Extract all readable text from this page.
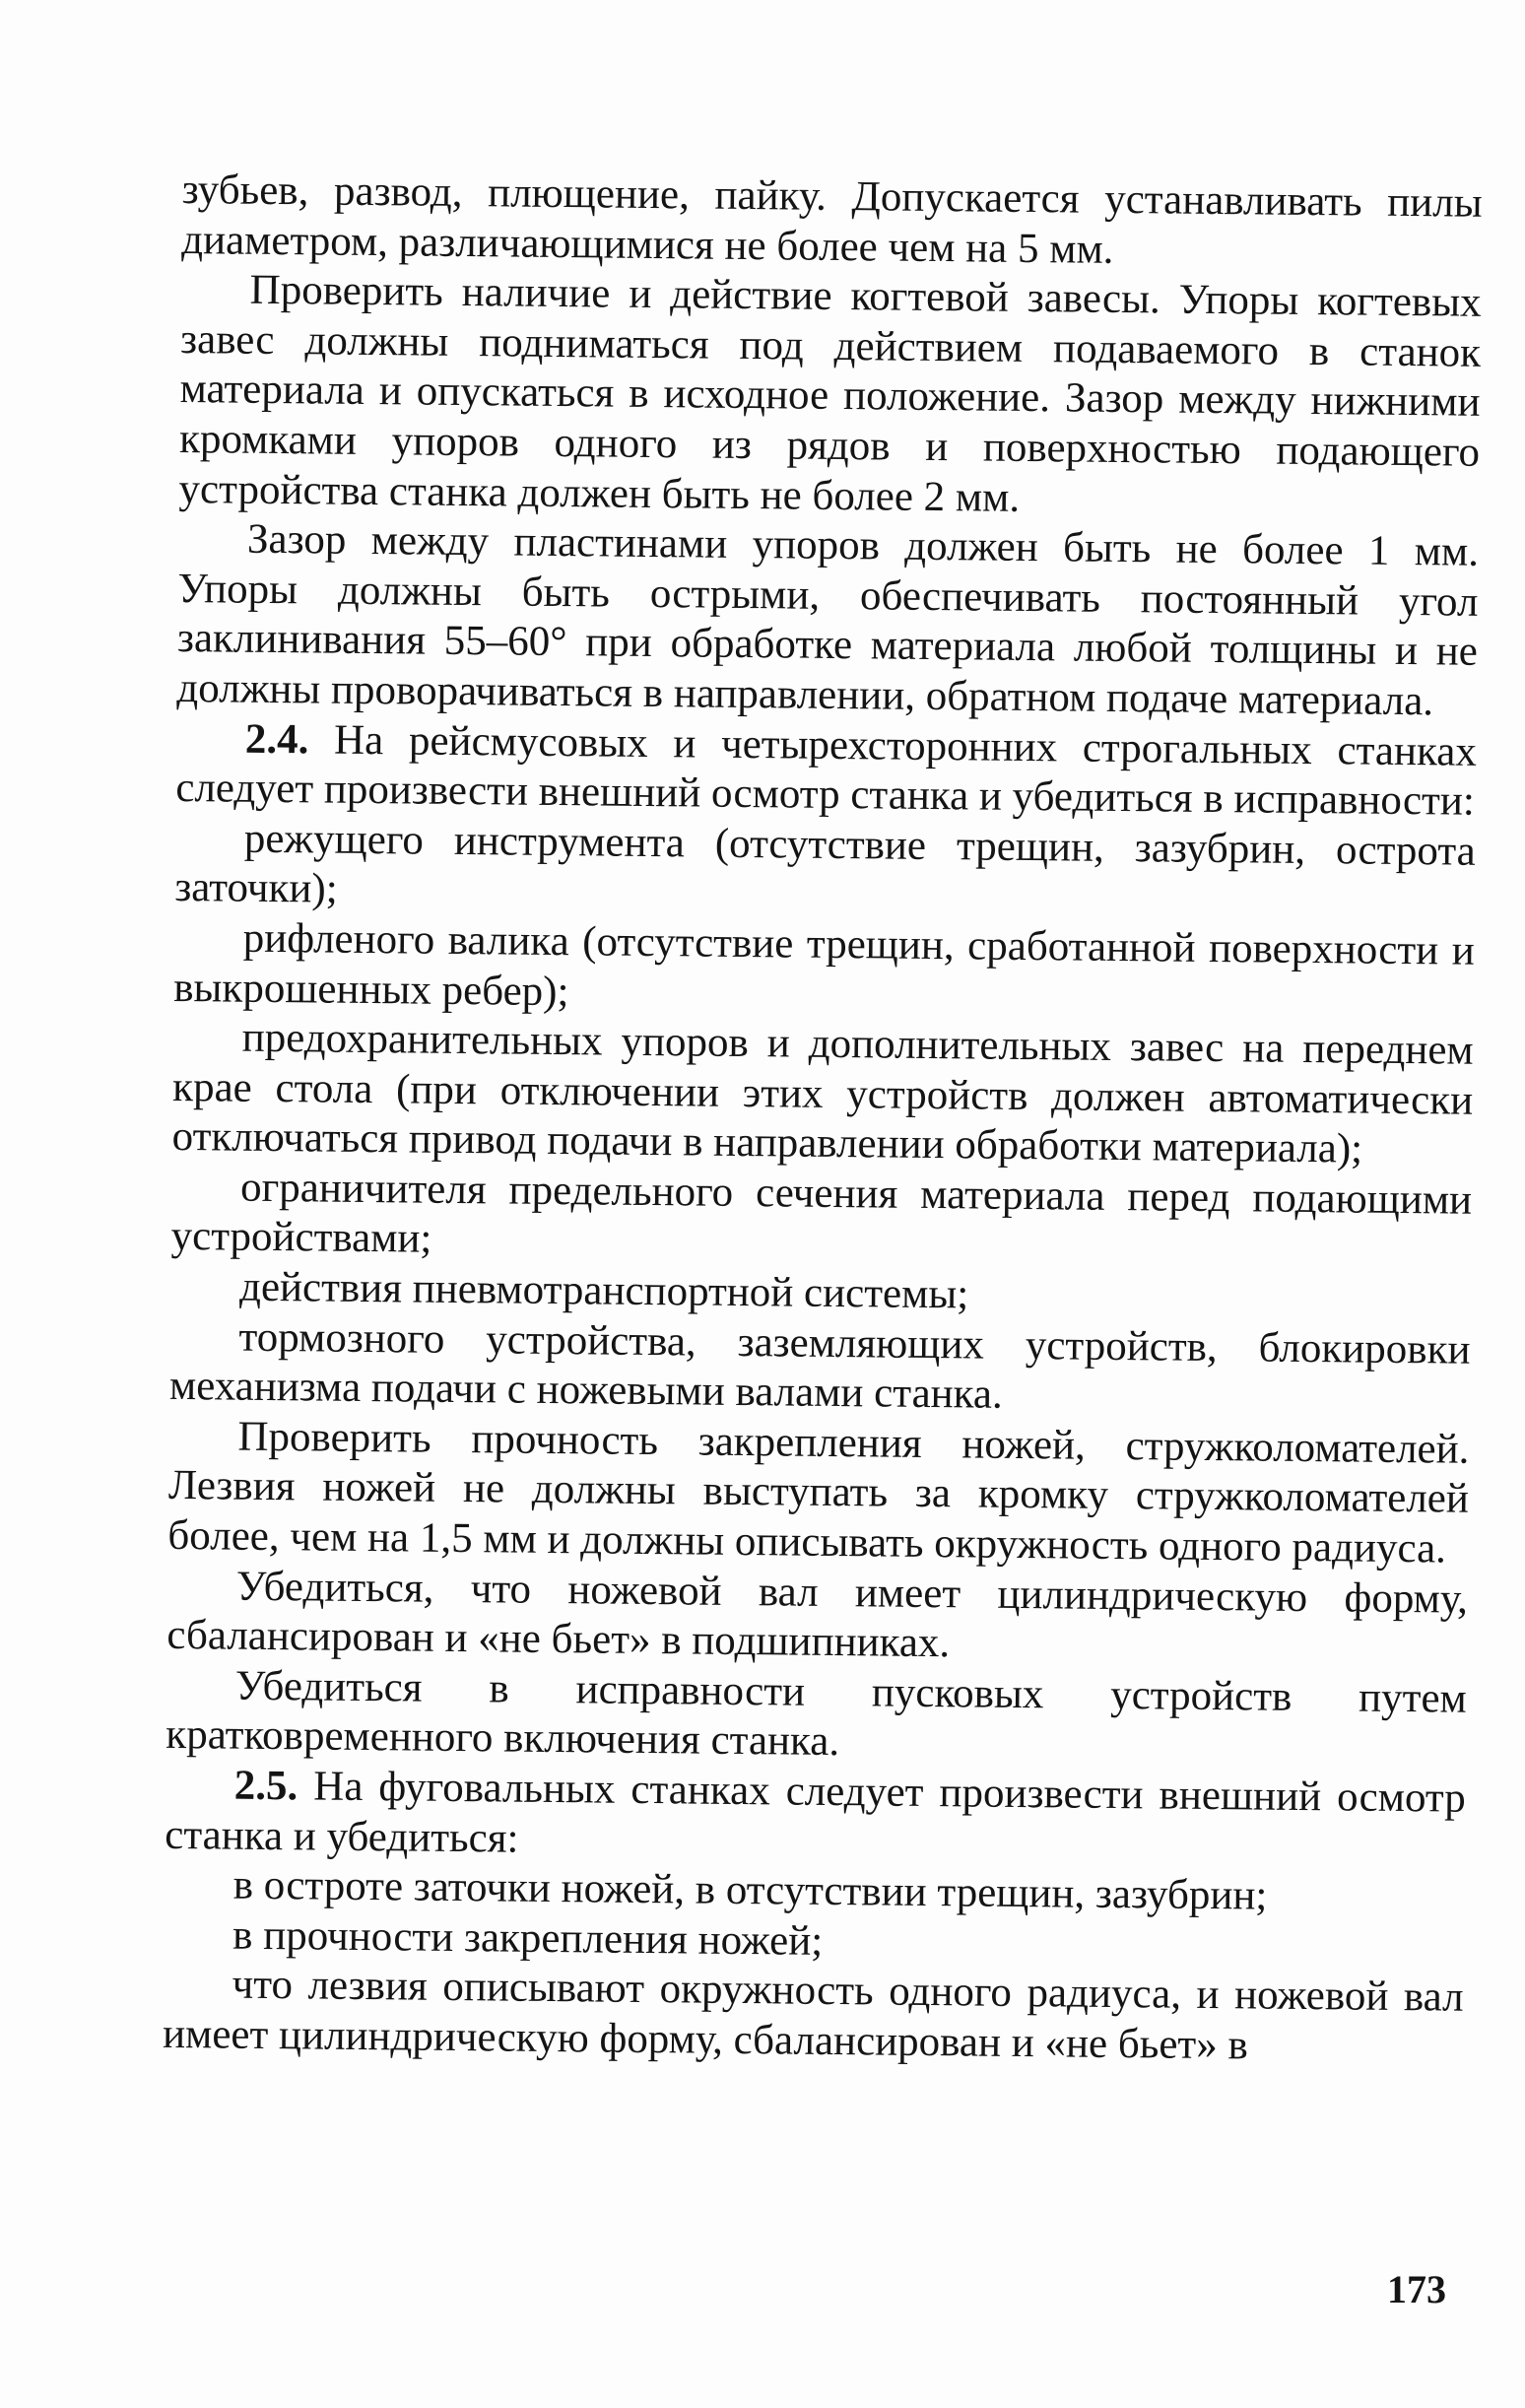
зубьев, развод, плющение, пайку. Допускается устанавливать пилы диаметром, различающимися не более чем на 5 мм.

Проверить наличие и действие когтевой завесы. Упоры когтевых завес должны подниматься под действием подаваемого в станок материала и опускаться в исходное положение. Зазор между нижними кромками упоров одного из рядов и поверхностью подающего устройства станка должен быть не более 2 мм.

Зазор между пластинами упоров должен быть не более 1 мм. Упоры должны быть острыми, обеспечивать постоянный угол заклинивания 55–60° при обработке материала любой толщины и не должны проворачиваться в направлении, обратном подаче материала.

2.4. На рейсмусовых и четырехсторонних строгальных станках следует произвести внешний осмотр станка и убедиться в исправности:

режущего инструмента (отсутствие трещин, зазубрин, острота заточки);

рифленого валика (отсутствие трещин, сработанной поверхности и выкрошенных ребер);

предохранительных упоров и дополнительных завес на переднем крае стола (при отключении этих устройств должен автоматически отключаться привод подачи в направлении обработки материала);

ограничителя предельного сечения материала перед подающими устройствами;

действия пневмотранспортной системы;

тормозного устройства, заземляющих устройств, блокировки механизма подачи с ножевыми валами станка.

Проверить прочность закрепления ножей, стружколомателей. Лезвия ножей не должны выступать за кромку стружколомателей более, чем на 1,5 мм и должны описывать окружность одного радиуса.

Убедиться, что ножевой вал имеет цилиндрическую форму, сбалансирован и «не бьет» в подшипниках.

Убедиться в исправности пусковых устройств путем кратковременного включения станка.

2.5. На фуговальных станках следует произвести внешний осмотр станка и убедиться:

в остроте заточки ножей, в отсутствии трещин, зазубрин;

в прочности закрепления ножей;

что лезвия описывают окружность одного радиуса, и ножевой вал имеет цилиндрическую форму, сбалансирован и «не бьет» в

173
